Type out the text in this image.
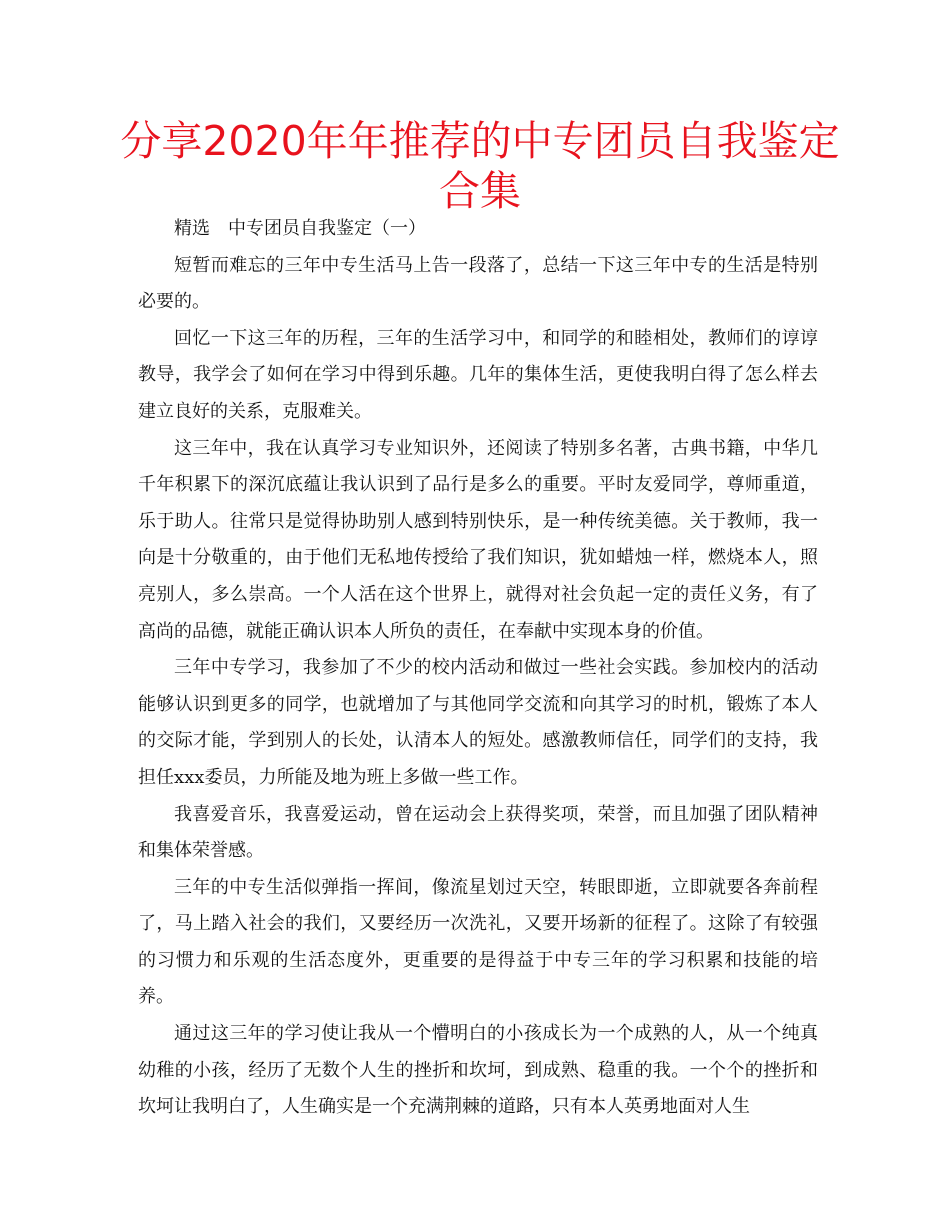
分享2020年年推荐的中专团员自我鉴定合集

精选　中专团员自我鉴定（一）

短暂而难忘的三年中专生活马上告一段落了，总结一下这三年中专的生活是特别必要的。

回忆一下这三年的历程，三年的生活学习中，和同学的和睦相处，教师们的谆谆教导，我学会了如何在学习中得到乐趣。几年的集体生活，更使我明白得了怎么样去建立良好的关系，克服难关。

这三年中，我在认真学习专业知识外，还阅读了特别多名著，古典书籍，中华几千年积累下的深沉底蕴让我认识到了品行是多么的重要。平时友爱同学，尊师重道，乐于助人。往常只是觉得协助别人感到特别快乐，是一种传统美德。关于教师，我一向是十分敬重的，由于他们无私地传授给了我们知识，犹如蜡烛一样，燃烧本人，照亮别人，多么崇高。一个人活在这个世界上，就得对社会负起一定的责任义务，有了高尚的品德，就能正确认识本人所负的责任，在奉献中实现本身的价值。

三年中专学习，我参加了不少的校内活动和做过一些社会实践。参加校内的活动能够认识到更多的同学，也就增加了与其他同学交流和向其学习的时机，锻炼了本人的交际才能，学到别人的长处，认清本人的短处。感激教师信任，同学们的支持，我担任xxx委员，力所能及地为班上多做一些工作。

我喜爱音乐，我喜爱运动，曾在运动会上获得奖项，荣誉，而且加强了团队精神和集体荣誉感。

三年的中专生活似弹指一挥间，像流星划过天空，转眼即逝，立即就要各奔前程了，马上踏入社会的我们，又要经历一次洗礼，又要开场新的征程了。这除了有较强的习惯力和乐观的生活态度外，更重要的是得益于中专三年的学习积累和技能的培养。

通过这三年的学习使让我从一个懵明白的小孩成长为一个成熟的人，从一个纯真幼稚的小孩，经历了无数个人生的挫折和坎坷，到成熟、稳重的我。一个个的挫折和坎坷让我明白了，人生确实是一个充满荆棘的道路，只有本人英勇地面对人生
